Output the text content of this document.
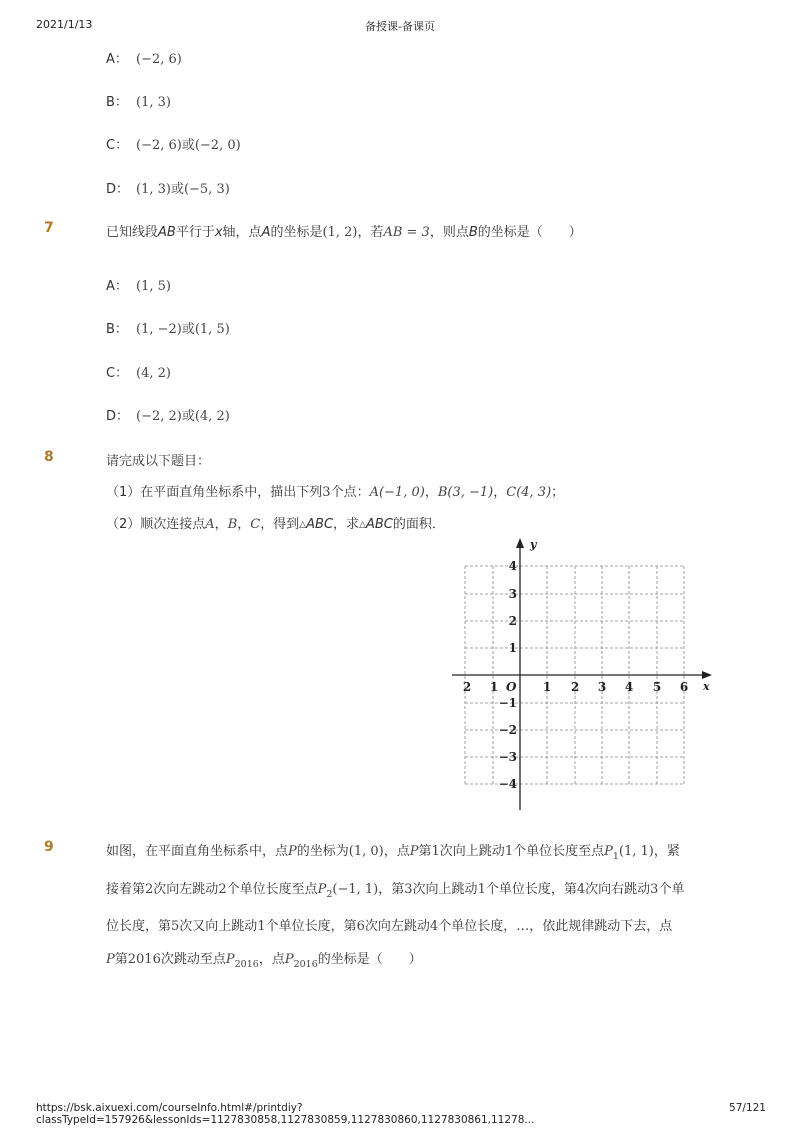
2021/1/13	备授课-备课页
A： (−2, 6)
B： (1, 3)
C： (−2, 6)或(−2, 0)
D： (1, 3)或(−5, 3)
7	已知线段AB平行于x轴，点A的坐标是(1, 2)，若AB = 3，则点B的坐标是（　　）
A： (1, 5)
B： (1, −2)或(1, 5)
C： (4, 2)
D： (−2, 2)或(4, 2)
8	请完成以下题目：
（1）在平面直角坐标系中，描出下列3个点：A(−1, 0)，B(3, −1)，C(4, 3)；
（2）顺次连接点A，B，C，得到△ABC，求△ABC的面积．
y
x
O
2 1	1 2 3 4 5 6
4
3
2
1
−1
−2
−3
−4
9	如图，在平面直角坐标系中，点P的坐标为(1, 0)，点P第1次向上跳动1个单位长度至点$P_1(1$, 1)，紧
接着第2次向左跳动2个单位长度至点$P_2(-1$, 1)，第3次向上跳动1个单位长度，第4次向右跳动3个单
位长度，第5次又向上跳动1个单位长度，第6次向左跳动4个单位长度，…，依此规律跳动下去，点
P第2016次跳动至点$P_{2016}$，点$P_{2016}$的坐标是（　　）
https://bsk.aixuexi.com/courseInfo.html#/printdiy?classTypeId=157926&lessonIds=1127830858,1127830859,1127830860,1127830861,11278...
57/121
